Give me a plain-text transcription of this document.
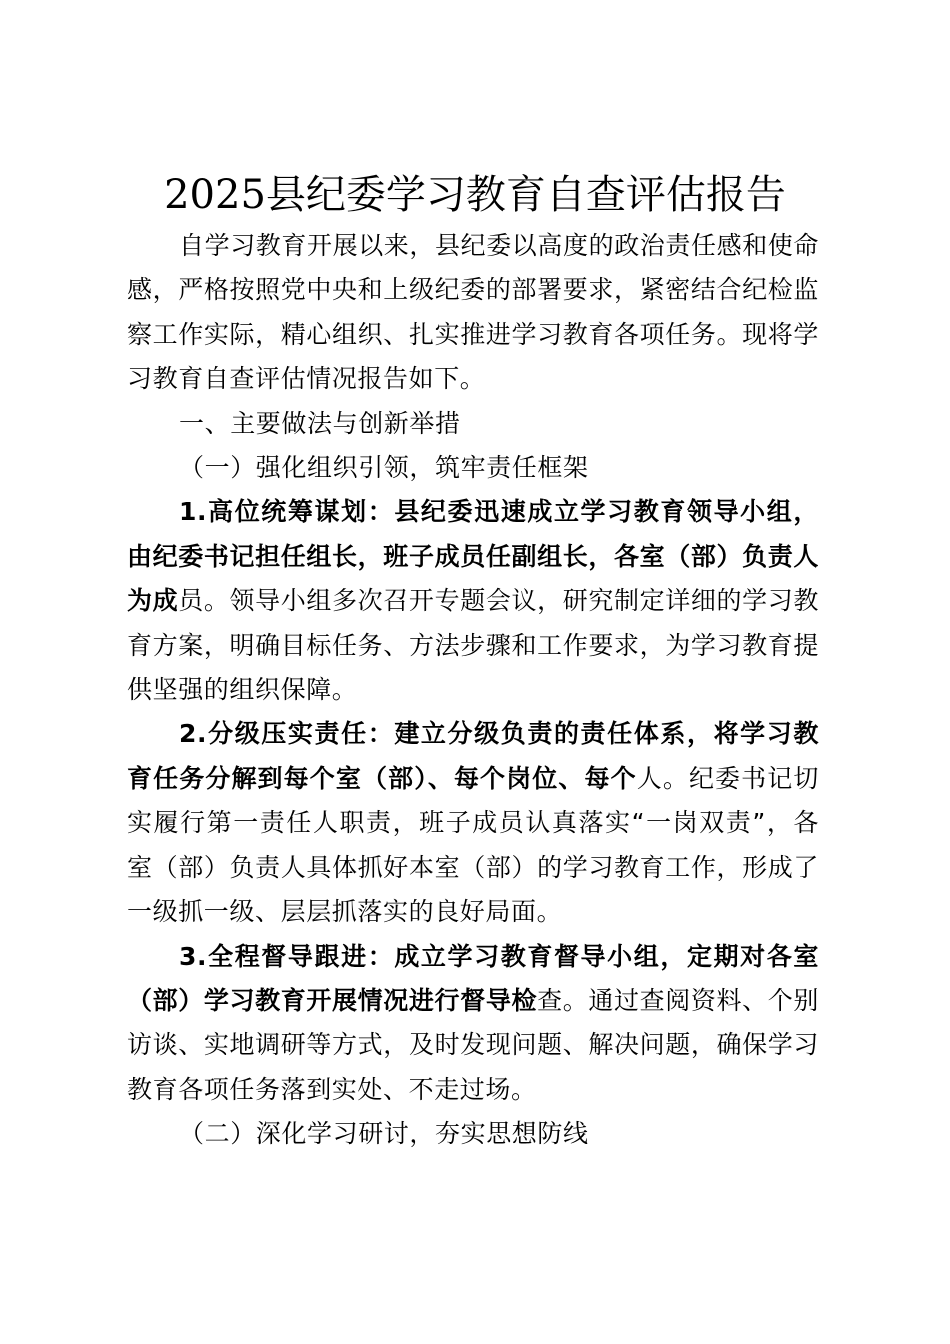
2025县纪委学习教育自查评估报告

自学习教育开展以来，县纪委以高度的政治责任感和使命感，严格按照党中央和上级纪委的部署要求，紧密结合纪检监察工作实际，精心组织、扎实推进学习教育各项任务。现将学习教育自查评估情况报告如下。

一、主要做法与创新举措

（一）强化组织引领，筑牢责任框架

1.高位统筹谋划：县纪委迅速成立学习教育领导小组，由纪委书记担任组长，班子成员任副组长，各室（部）负责人为成员。领导小组多次召开专题会议，研究制定详细的学习教育方案，明确目标任务、方法步骤和工作要求，为学习教育提供坚强的组织保障。

2.分级压实责任：建立分级负责的责任体系，将学习教育任务分解到每个室（部）、每个岗位、每个人。纪委书记切实履行第一责任人职责，班子成员认真落实“一岗双责”，各室（部）负责人具体抓好本室（部）的学习教育工作，形成了一级抓一级、层层抓落实的良好局面。

3.全程督导跟进：成立学习教育督导小组，定期对各室（部）学习教育开展情况进行督导检查。通过查阅资料、个别访谈、实地调研等方式，及时发现问题、解决问题，确保学习教育各项任务落到实处、不走过场。

（二）深化学习研讨，夯实思想防线
